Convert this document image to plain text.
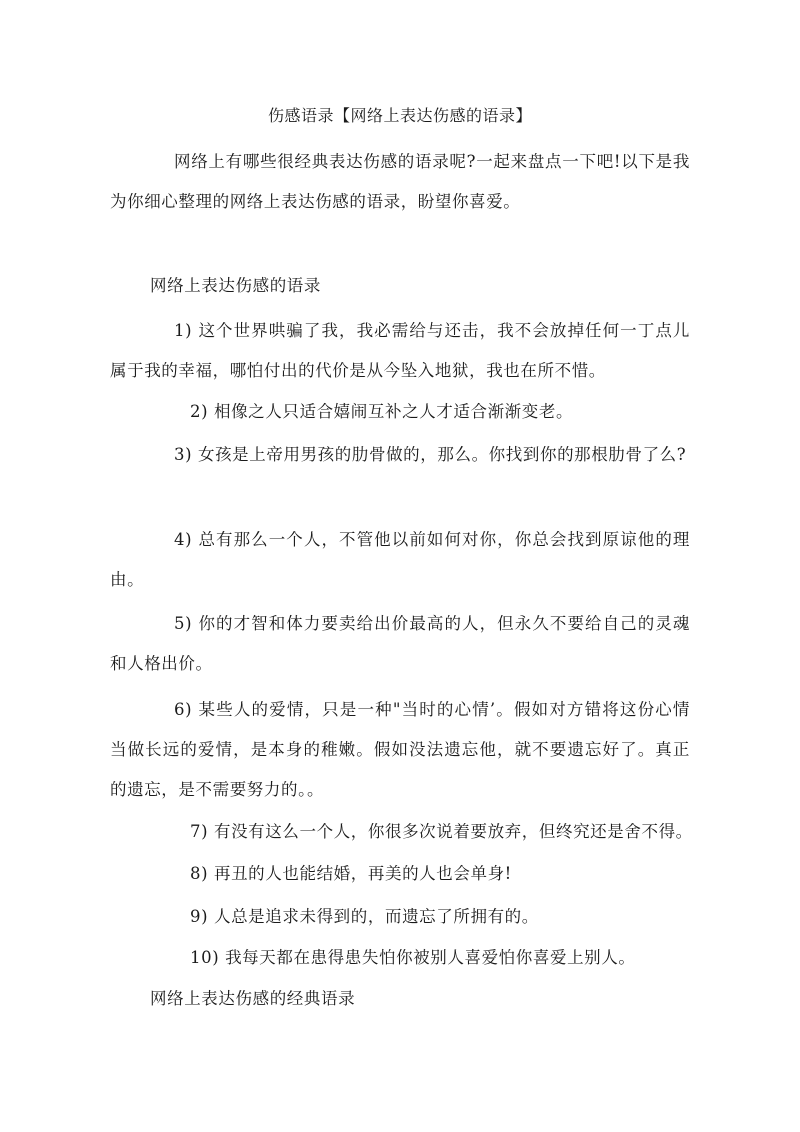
伤感语录【网络上表达伤感的语录】

网络上有哪些很经典表达伤感的语录呢?一起来盘点一下吧!以下是我为你细心整理的网络上表达伤感的语录，盼望你喜爱。

网络上表达伤感的语录

1) 这个世界哄骗了我，我必需给与还击，我不会放掉任何一丁点儿属于我的幸福，哪怕付出的代价是从今坠入地狱，我也在所不惜。

2) 相像之人只适合嬉闹互补之人才适合渐渐变老。

3) 女孩是上帝用男孩的肋骨做的，那么。你找到你的那根肋骨了么?

4) 总有那么一个人，不管他以前如何对你，你总会找到原谅他的理由。

5) 你的才智和体力要卖给出价最高的人，但永久不要给自己的灵魂和人格出价。

6) 某些人的爱情，只是一种"当时的心情’。假如对方错将这份心情当做长远的爱情，是本身的稚嫩。假如没法遗忘他，就不要遗忘好了。真正的遗忘，是不需要努力的。。

7) 有没有这么一个人，你很多次说着要放弃，但终究还是舍不得。

8) 再丑的人也能结婚，再美的人也会单身!

9) 人总是追求未得到的，而遗忘了所拥有的。

10) 我每天都在患得患失怕你被别人喜爱怕你喜爱上别人。

网络上表达伤感的经典语录
